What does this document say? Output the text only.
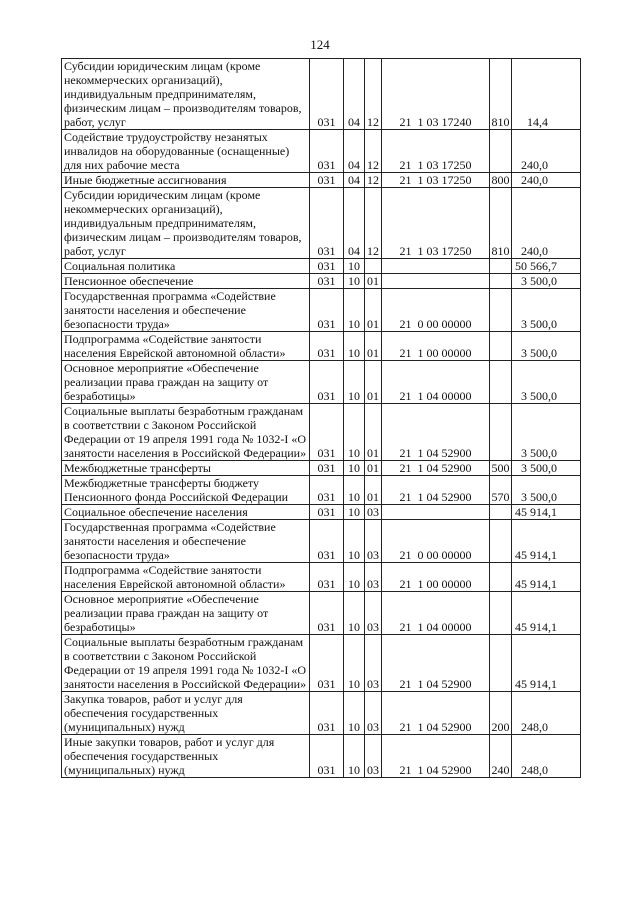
124
Субсидии юридическим лицам (кроме некоммерческих организаций), индивидуальным предпринимателям, физическим лицам – производителям товаров, работ, услуг	031	04	12	21  1 03 17240	810	14,4
Содействие трудоустройству незанятых инвалидов на оборудованные (оснащенные) для них рабочие места	031	04	12	21  1 03 17250		240,0
Иные бюджетные ассигнования	031	04	12	21  1 03 17250	800	240,0
Субсидии юридическим лицам (кроме некоммерческих организаций), индивидуальным предпринимателям, физическим лицам – производителям товаров, работ, услуг	031	04	12	21  1 03 17250	810	240,0
Социальная политика	031	10				50 566,7
Пенсионное обеспечение	031	10	01			3 500,0
Государственная программа «Содействие занятости населения и обеспечение безопасности труда»	031	10	01	21  0 00 00000		3 500,0
Подпрограмма «Содействие занятости населения Еврейской автономной области»	031	10	01	21  1 00 00000		3 500,0
Основное мероприятие «Обеспечение реализации права граждан на защиту от безработицы»	031	10	01	21  1 04 00000		3 500,0
Социальные выплаты безработным гражданам в соответствии с Законом Российской Федерации от 19 апреля 1991 года № 1032-I «О занятости населения в Российской Федерации»	031	10	01	21  1 04 52900		3 500,0
Межбюджетные трансферты	031	10	01	21  1 04 52900	500	3 500,0
Межбюджетные трансферты бюджету Пенсионного фонда Российской Федерации	031	10	01	21  1 04 52900	570	3 500,0
Социальное обеспечение населения	031	10	03			45 914,1
Государственная программа «Содействие занятости населения и обеспечение безопасности труда»	031	10	03	21  0 00 00000		45 914,1
Подпрограмма «Содействие занятости населения Еврейской автономной области»	031	10	03	21  1 00 00000		45 914,1
Основное мероприятие «Обеспечение реализации права граждан на защиту от безработицы»	031	10	03	21  1 04 00000		45 914,1
Социальные выплаты безработным гражданам в соответствии с Законом Российской Федерации от 19 апреля 1991 года № 1032-I «О занятости населения в Российской Федерации»	031	10	03	21  1 04 52900		45 914,1
Закупка товаров, работ и услуг для обеспечения государственных (муниципальных) нужд	031	10	03	21  1 04 52900	200	248,0
Иные закупки товаров, работ и услуг для обеспечения государственных (муниципальных) нужд	031	10	03	21  1 04 52900	240	248,0
